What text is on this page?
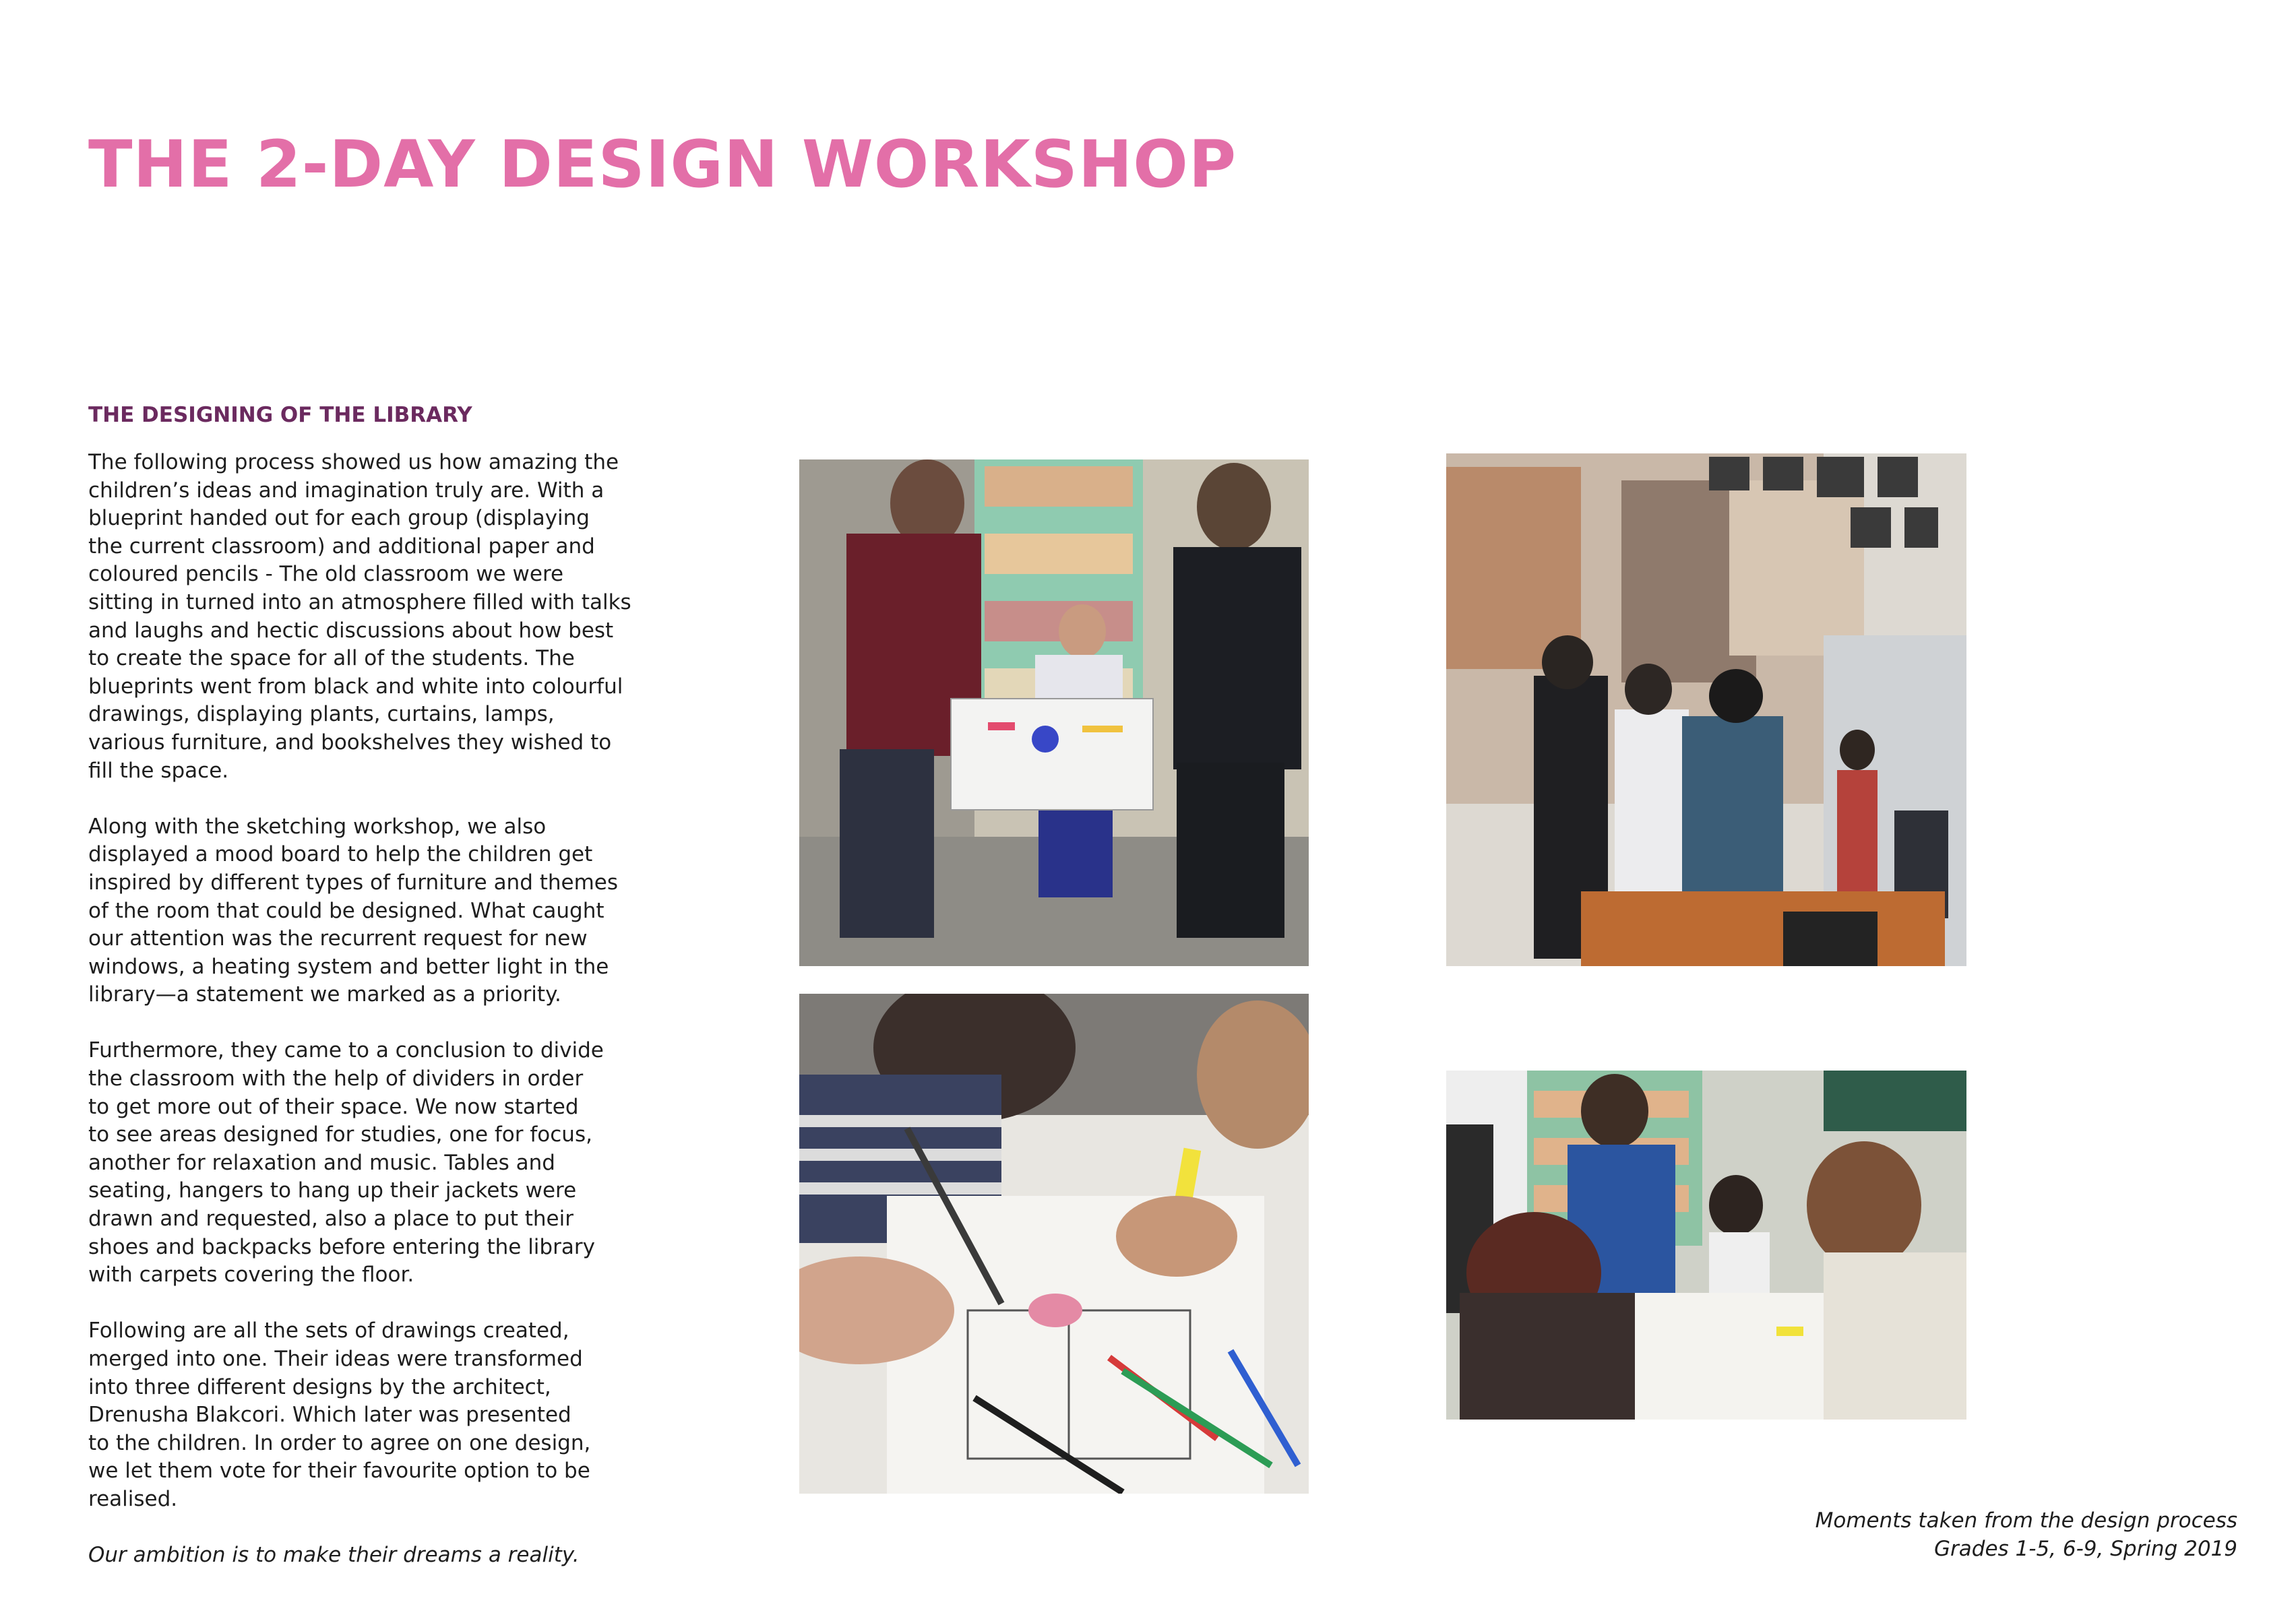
THE 2-DAY DESIGN WORKSHOP
THE DESIGNING OF THE LIBRARY

The following process showed us how amazing the
children’s ideas and imagination truly are. With a
blueprint handed out for each group (displaying
the current classroom) and additional paper and
coloured pencils - The old classroom we were
sitting in turned into an atmosphere filled with talks
and laughs and hectic discussions about how best
to create the space for all of the students. The
blueprints went from black and white into colourful
drawings, displaying plants, curtains, lamps,
various furniture, and bookshelves they wished to
fill the space.

Along with the sketching workshop, we also
displayed a mood board to help the children get
inspired by different types of furniture and themes
of the room that could be designed. What caught
our attention was the recurrent request for new
windows, a heating system and better light in the
library—a statement we marked as a priority.

Furthermore, they came to a conclusion to divide
the classroom with the help of dividers in order
to get more out of their space. We now started
to see areas designed for studies, one for focus,
another for relaxation and music. Tables and
seating, hangers to hang up their jackets were
drawn and requested, also a place to put their
shoes and backpacks before entering the library
with carpets covering the floor.

Following are all the sets of drawings created,
merged into one. Their ideas were transformed
into three different designs by the architect,
Drenusha Blakcori. Which later was presented
to the children. In order to agree on one design,
we let them vote for their favourite option to be
realised.

Our ambition is to make their dreams a reality.

Moments taken from the design process
Grades 1-5, 6-9, Spring 2019
